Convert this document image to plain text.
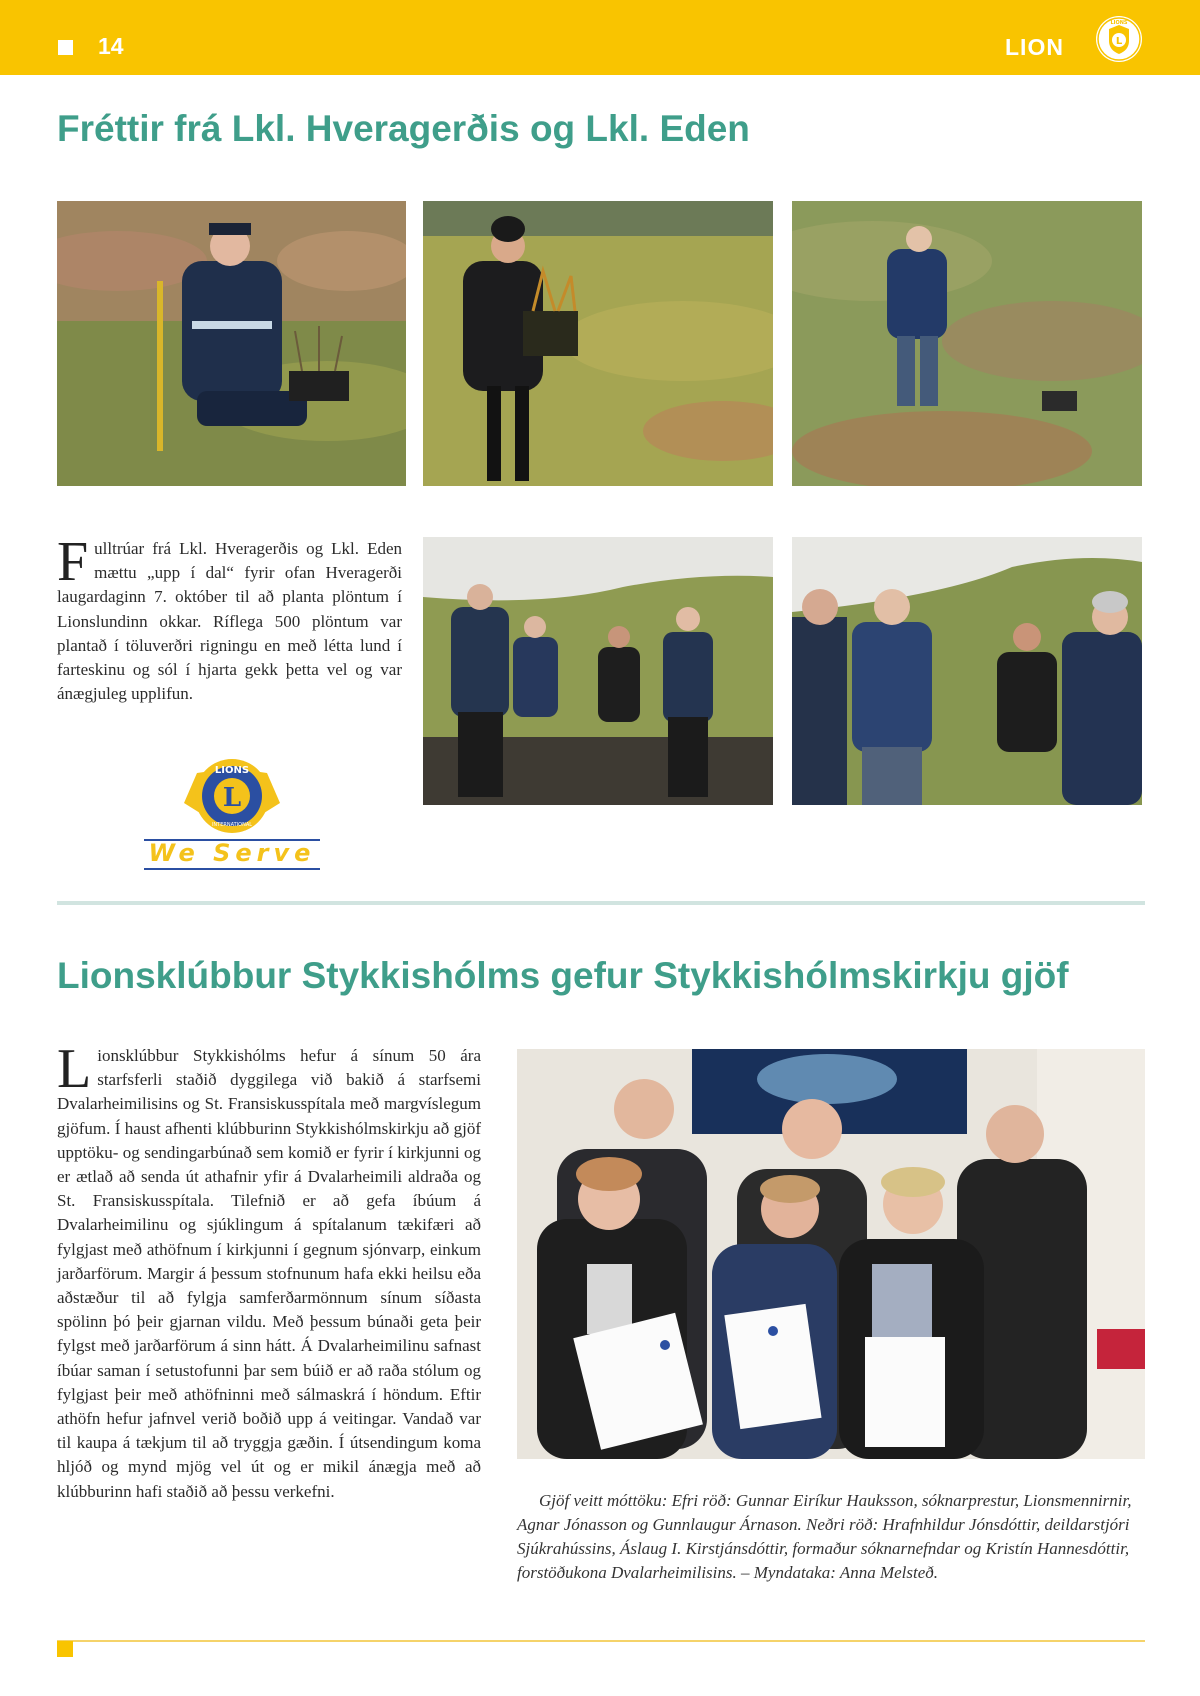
14	LION	L
LIONS
Fréttir frá Lkl. Hveragerðis og Lkl. Eden

Fulltrúar frá Lkl. Hveragerðis og Lkl. Eden mættu „upp í dal“ fyrir ofan Hveragerði laugardaginn 7. október til að planta plöntum í Lionslundinn okkar. Ríflega 500 plöntum var plantað í töluverðri rigningu en með létta lund í farteskinu og sól í hjarta gekk þetta vel og var ánægjuleg upplifun.

L
LIONS
INTERNATIONAL
We Serve
Lionsklúbbur Stykkishólms gefur Stykkishólmskirkju gjöf

Lionsklúbbur Stykkishólms hefur á sínum 50 ára starfsferli staðið dyggilega við bakið á starfsemi Dvalarheimilisins og St. Fransiskusspítala með margvíslegum gjöfum. Í haust afhenti klúbburinn Stykkishólmskirkju að gjöf upptöku- og sendingarbúnað sem komið er fyrir í kirkjunni og er ætlað að senda út athafnir yfir á Dvalarheimili aldraða og St. Fransiskusspítala. Tilefnið er að gefa íbúum á Dvalarheimilinu og sjúklingum á spítalanum tækifæri að fylgjast með athöfnum í kirkjunni í gegnum sjónvarp, einkum jarðarförum. Margir á þessum stofnunum hafa ekki heilsu eða aðstæður til að fylgja samferðarmönnum sínum síðasta spölinn þó þeir gjarnan vildu. Með þessum búnaði geta þeir fylgst með jarðarförum á sinn hátt. Á Dvalarheimilinu safnast íbúar saman í setustofunni þar sem búið er að raða stólum og fylgjast þeir með athöfninni með sálmaskrá í höndum. Eftir athöfn hefur jafnvel verið boðið upp á veitingar. Vandað var til kaupa á tækjum til að tryggja gæðin. Í útsendingum koma hljóð og mynd mjög vel út og er mikil ánægja með að klúbburinn hafi staðið að þessu verkefni.	Gjöf veitt móttöku: Efri röð: Gunnar Eiríkur Hauksson, sóknarprestur, Lionsmennirnir, Agnar Jónasson og Gunnlaugur Árnason. Neðri röð: Hrafnhildur Jónsdóttir, deildarstjóri Sjúkrahússins, Áslaug I. Kirstjánsdóttir, formaður sóknarnefndar og Kristín Hannesdóttir, forstöðukona Dvalarheimilisins. – Myndataka: Anna Melsteð.
